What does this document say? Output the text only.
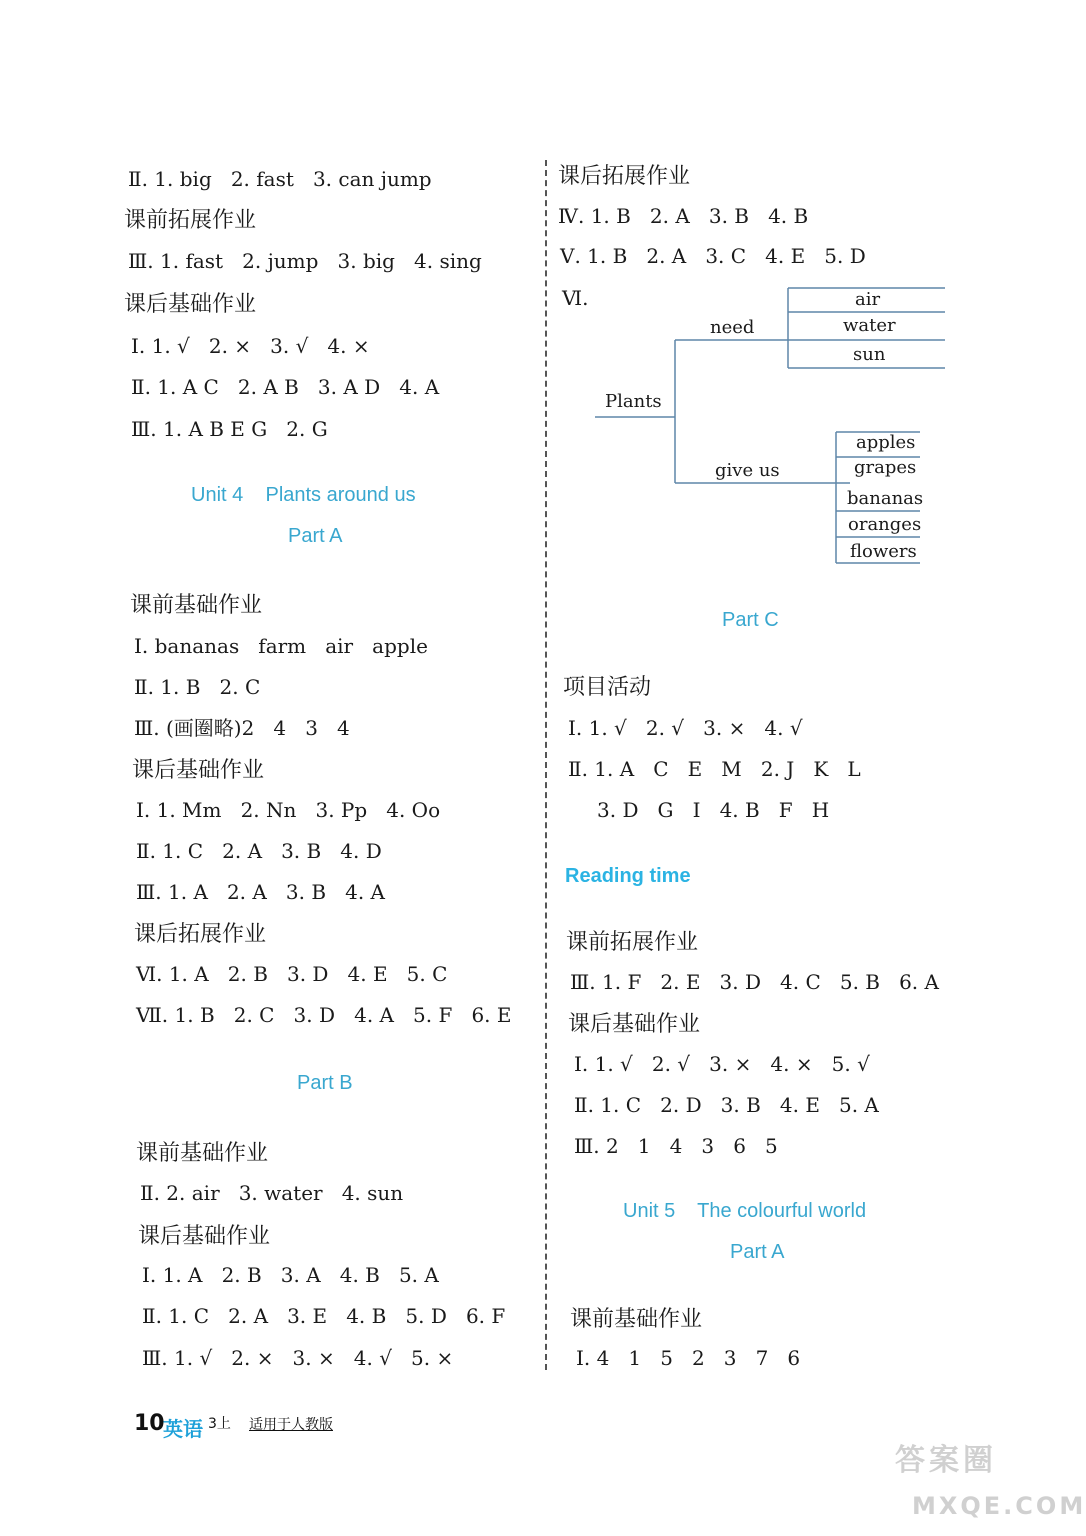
Ⅱ. 1. big   2. fast   3. can jump
课前拓展作业
Ⅲ. 1. fast   2. jump   3. big   4. sing
课后基础作业
Ⅰ. 1. √   2. ×   3. √   4. ×
Ⅱ. 1. A C   2. A B   3. A D   4. A
Ⅲ. 1. A B E G   2. G
Unit 4    Plants around us
Part A
课前基础作业
Ⅰ. bananas   farm   air   apple
Ⅱ. 1. B   2. C
Ⅲ. (画圈略)2   4   3   4
课后基础作业
Ⅰ. 1. Mm   2. Nn   3. Pp   4. Oo
Ⅱ. 1. C   2. A   3. B   4. D
Ⅲ. 1. A   2. A   3. B   4. A
课后拓展作业
Ⅵ. 1. A   2. B   3. D   4. E   5. C
Ⅶ. 1. B   2. C   3. D   4. A   5. F   6. E
Part B
课前基础作业
Ⅱ. 2. air   3. water   4. sun
课后基础作业
Ⅰ. 1. A   2. B   3. A   4. B   5. A
Ⅱ. 1. C   2. A   3. E   4. B   5. D   6. F
Ⅲ. 1. √   2. ×   3. ×   4. √   5. ×
课后拓展作业
Ⅳ. 1. B   2. A   3. B   4. B
Ⅴ. 1. B   2. A   3. C   4. E   5. D
Ⅵ.
Plants
need
give us
air
water
sun
apples
grapes
bananas
oranges
flowers
Part C
项目活动
Ⅰ. 1. √   2. √   3. ×   4. √
Ⅱ. 1. A   C   E   M   2. J   K   L
3. D   G   I   4. B   F   H
Reading time
课前拓展作业
Ⅲ. 1. F   2. E   3. D   4. C   5. B   6. A
课后基础作业
Ⅰ. 1. √   2. √   3. ×   4. ×   5. √
Ⅱ. 1. C   2. D   3. B   4. E   5. A
Ⅲ. 2   1   4   3   6   5
Unit 5    The colourful world
Part A
课前基础作业
Ⅰ. 4   1   5   2   3   7   6
10
英语 3上 适用于人教版
答案圈
MXQE.COM
